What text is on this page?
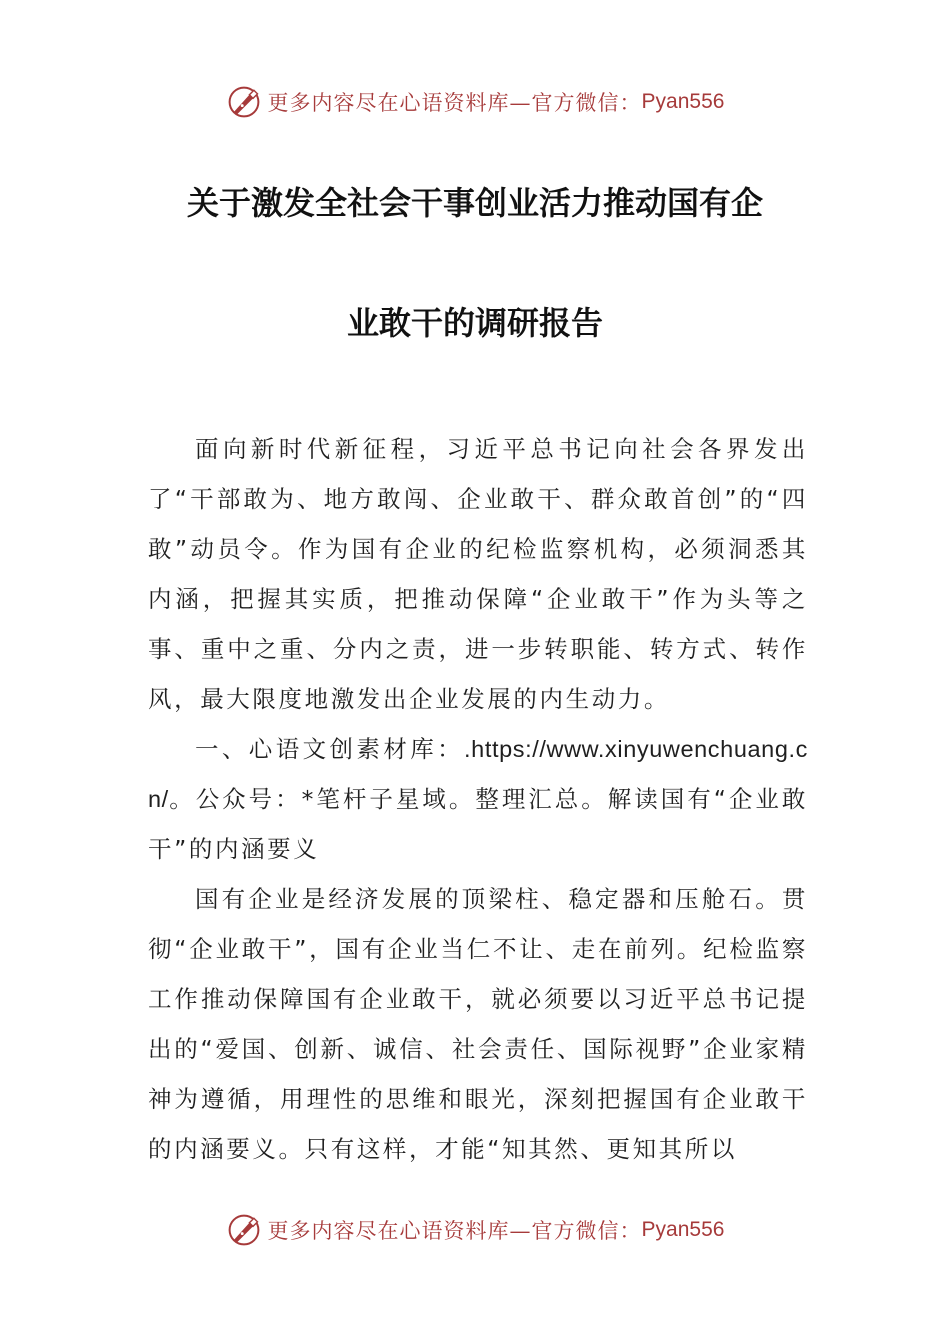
更多内容尽在心语资料库—官方微信： Pyan556
关于激发全社会干事创业活力推动国有企
业敢干的调研报告

面向新时代新征程，习近平总书记向社会各界发出了“干部敢为、地方敢闯、企业敢干、群众敢首创”的“四敢”动员令。作为国有企业的纪检监察机构，必须洞悉其内涵，把握其实质，把推动保障“企业敢干”作为头等之事、重中之重、分内之责，进一步转职能、转方式、转作风，最大限度地激发出企业发展的内生动力。

一、心语文创素材库：.https://www.xinyuwenchuang.cn/。公众号：*笔杆子星域。整理汇总。解读国有“企业敢干”的内涵要义

国有企业是经济发展的顶梁柱、稳定器和压舱石。贯彻“企业敢干”，国有企业当仁不让、走在前列。纪检监察工作推动保障国有企业敢干，就必须要以习近平总书记提出的“爱国、创新、诚信、社会责任、国际视野”企业家精神为遵循，用理性的思维和眼光，深刻把握国有企业敢干的内涵要义。只有这样，才能“知其然、更知其所以

更多内容尽在心语资料库—官方微信： Pyan556
